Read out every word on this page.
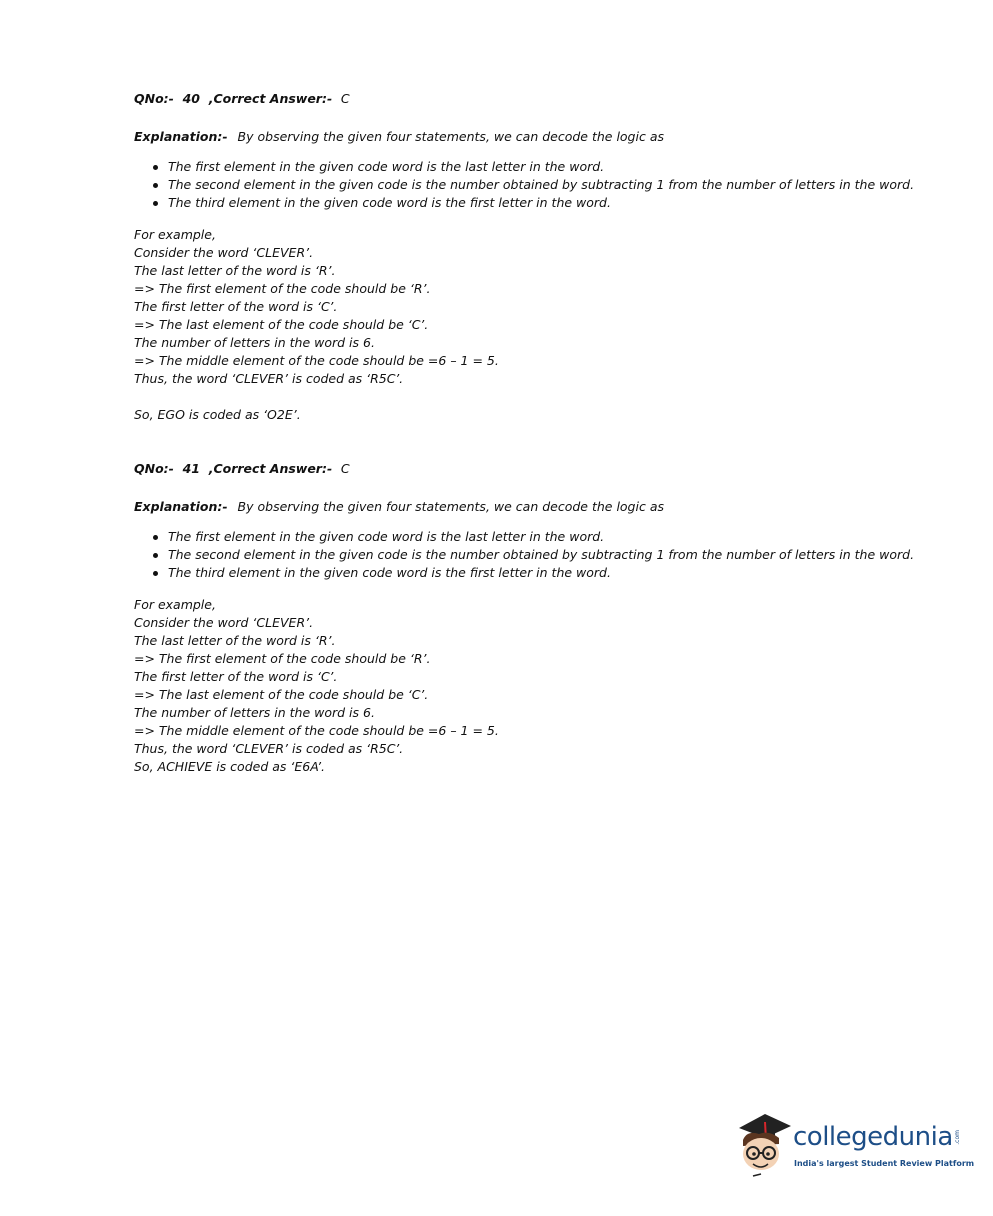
QNo:- 40 ,Correct Answer:- C
Explanation:- By observing the given four statements, we can decode the logic as
The first element in the given code word is the last letter in the word.
The second element in the given code is the number obtained by subtracting 1 from the number of letters in the word.
The third element in the given code word is the first letter in the word.
For example,
Consider the word ‘CLEVER’.
The last letter of the word is ‘R’.
=> The first element of the code should be ‘R’.
The first letter of the word is ‘C’.
=> The last element of the code should be ‘C’.
The number of letters in the word is 6.
=> The middle element of the code should be =6 – 1 = 5.
Thus, the word ‘CLEVER’ is coded as ‘R5C’.
So, EGO is coded as ‘O2E’.
QNo:- 41 ,Correct Answer:- C
Explanation:- By observing the given four statements, we can decode the logic as
The first element in the given code word is the last letter in the word.
The second element in the given code is the number obtained by subtracting 1 from the number of letters in the word.
The third element in the given code word is the first letter in the word.
For example,
Consider the word ‘CLEVER’.
The last letter of the word is ‘R’.
=> The first element of the code should be ‘R’.
The first letter of the word is ‘C’.
=> The last element of the code should be ‘C’.
The number of letters in the word is 6.
=> The middle element of the code should be =6 – 1 = 5.
Thus, the word ‘CLEVER’ is coded as ‘R5C’.
So, ACHIEVE is coded as ‘E6A’.
collegedunia .com
India's largest Student Review Platform
